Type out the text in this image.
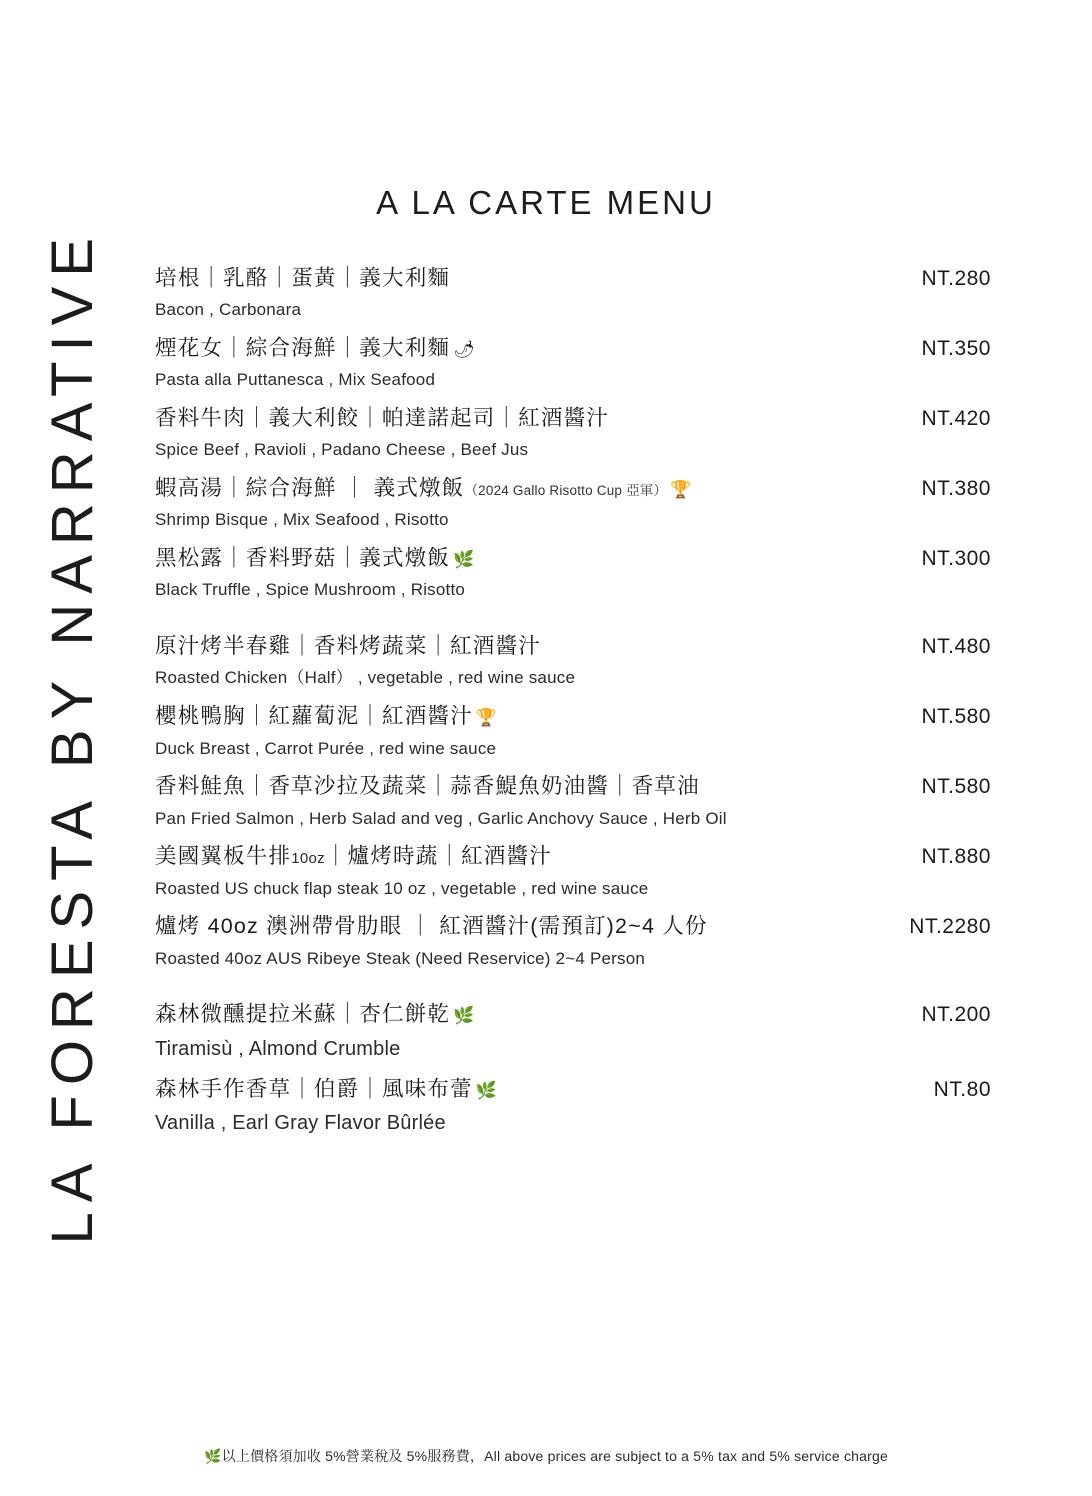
LA FORESTA BY NARRATIVE
A LA CARTE MENU
培根｜乳酪｜蛋黃｜義大利麵	NT.280
Bacon , Carbonara
煙花女｜綜合海鮮｜義大利麵 🌶	NT.350
Pasta alla Puttanesca , Mix Seafood
香料牛肉｜義大利餃｜帕達諾起司｜紅酒醬汁	NT.420
Spice Beef , Ravioli , Padano Cheese , Beef Jus
蝦高湯｜綜合海鮮 ｜ 義式燉飯（2024 Gallo Risotto Cup 亞軍） 🏆	NT.380
Shrimp Bisque , Mix Seafood , Risotto
黑松露｜香料野菇｜義式燉飯 🌿	NT.300
Black Truffle , Spice Mushroom , Risotto
原汁烤半春雞｜香料烤蔬菜｜紅酒醬汁	NT.480
Roasted Chicken（Half） , vegetable , red wine sauce
櫻桃鴨胸｜紅蘿蔔泥｜紅酒醬汁 🏆	NT.580
Duck Breast , Carrot Purée , red wine sauce
香料鮭魚｜香草沙拉及蔬菜｜蒜香鯷魚奶油醬｜香草油	NT.580
Pan Fried Salmon , Herb Salad and veg , Garlic Anchovy Sauce , Herb Oil
美國翼板牛排10oz｜爐烤時蔬｜紅酒醬汁	NT.880
Roasted US chuck flap steak 10 oz , vegetable , red wine sauce
爐烤 40oz 澳洲帶骨肋眼 ｜ 紅酒醬汁(需預訂)2~4 人份	NT.2280
Roasted 40oz AUS Ribeye Steak (Need Reservice) 2~4 Person
森林微醺提拉米蘇｜杏仁餅乾 🌿	NT.200
Tiramisù , Almond Crumble
森林手作香草｜伯爵｜風味布蕾 🌿	NT.80
Vanilla , Earl Gray Flavor Bûrlée
🌿以上價格須加收 5%營業稅及 5%服務費，All above prices are subject to a 5% tax and 5% service charge
